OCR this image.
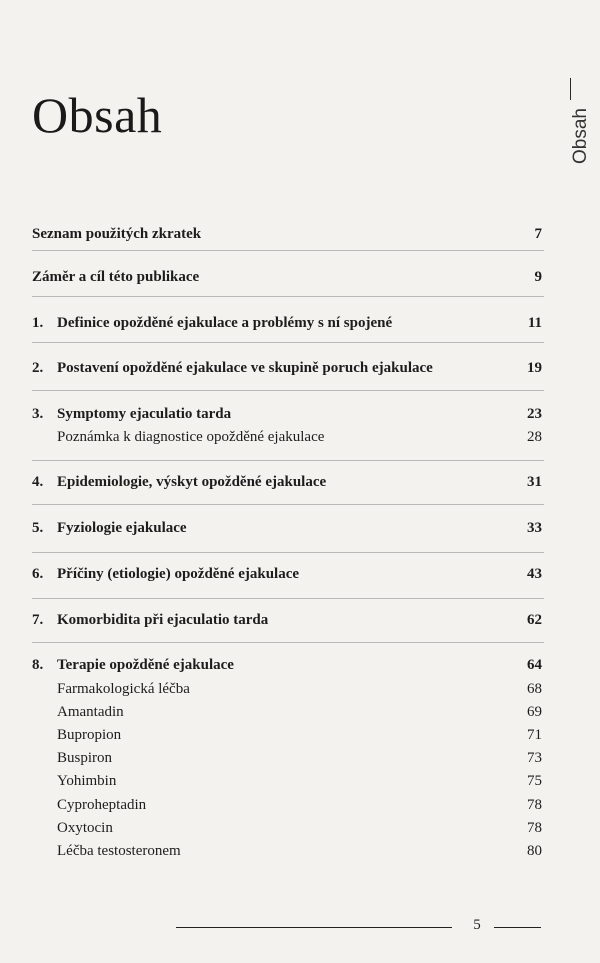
Obsah	Obsah
Seznam použitých zkratek	7
Záměr a cíl této publikace	9
1. Definice opožděné ejakulace a problémy s ní spojené	11
2. Postavení opožděné ejakulace ve skupině poruch ejakulace	19
3. Symptomy ejaculatio tarda	23
Poznámka k diagnostice opožděné ejakulace	28
4. Epidemiologie, výskyt opožděné ejakulace	31
5. Fyziologie ejakulace	33
6. Příčiny (etiologie) opožděné ejakulace	43
7. Komorbidita při ejaculatio tarda	62
8. Terapie opožděné ejakulace	64
Farmakologická léčba	68
Amantadin	69
Bupropion	71
Buspiron	73
Yohimbin	75
Cyproheptadin	78
Oxytocin	78
Léčba testosteronem	80
5
